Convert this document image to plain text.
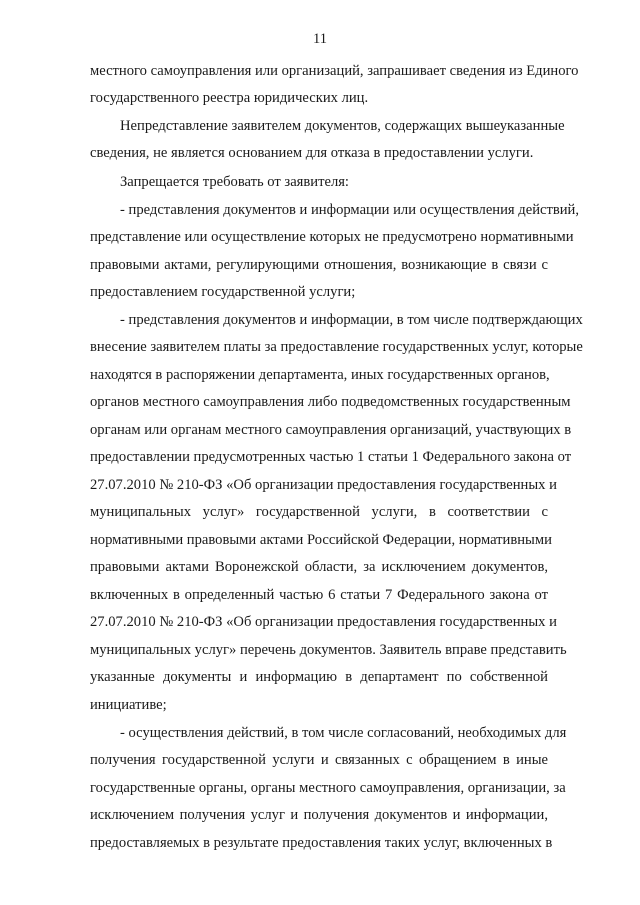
11
местного самоуправления или организаций, запрашивает сведения из Единого
государственного реестра юридических лиц.
Непредставление заявителем документов, содержащих вышеуказанные
сведения, не является основанием для отказа в предоставлении услуги.
Запрещается требовать от заявителя:
- представления документов и информации или осуществления действий,
представление или осуществление которых не предусмотрено нормативными
правовыми актами, регулирующими отношения, возникающие в связи с
предоставлением государственной услуги;
- представления документов и информации, в том числе подтверждающих
внесение заявителем платы за предоставление государственных услуг, которые
находятся в распоряжении департамента, иных государственных органов,
органов местного самоуправления либо подведомственных государственным
органам или органам местного самоуправления организаций, участвующих в
предоставлении предусмотренных частью 1 статьи 1 Федерального закона от
27.07.2010 № 210-ФЗ «Об организации предоставления государственных и
муниципальных услуг» государственной услуги, в соответствии с
нормативными правовыми актами Российской Федерации, нормативными
правовыми актами Воронежской области, за исключением документов,
включенных в определенный частью 6 статьи 7 Федерального закона от
27.07.2010 № 210-ФЗ «Об организации предоставления государственных и
муниципальных услуг» перечень документов. Заявитель вправе представить
указанные документы и информацию в департамент по собственной
инициативе;
- осуществления действий, в том числе согласований, необходимых для
получения государственной услуги и связанных с обращением в иные
государственные органы, органы местного самоуправления, организации, за
исключением получения услуг и получения документов и информации,
предоставляемых в результате предоставления таких услуг, включенных в
